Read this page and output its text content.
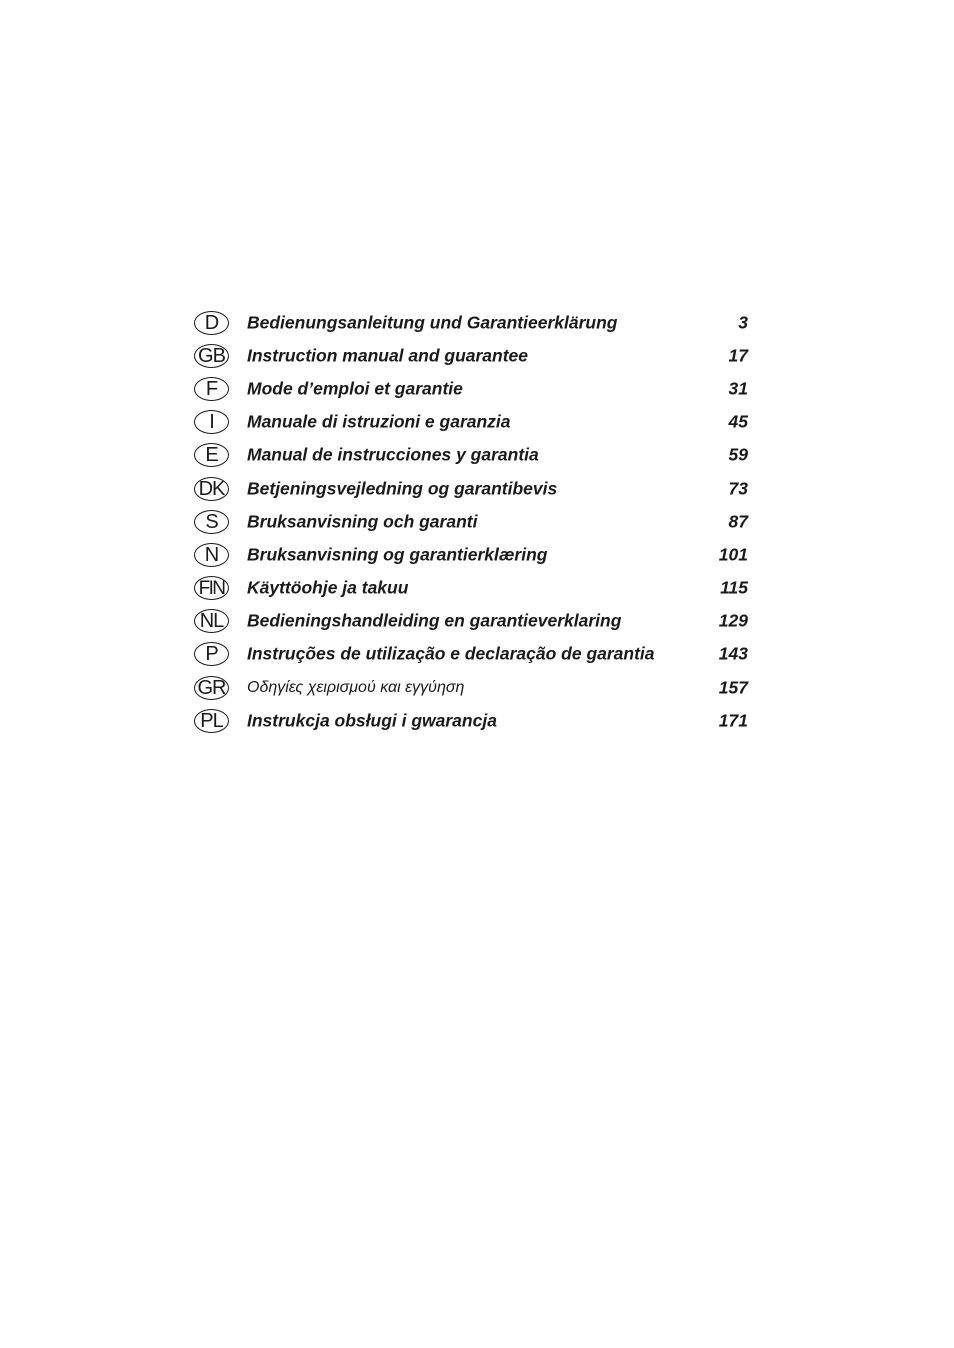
D	Bedienungsanleitung und Garantieerklärung	3
GB Instruction manual and guarantee	17
F	Mode d’emploi et garantie	31
I	Manuale di istruzioni e garanzia	45
E	Manual de instrucciones y garantia	59
DK Betjeningsvejledning og garantibevis	73
S	Bruksanvisning och garanti	87
N	Bruksanvisning og garantierklæring	101
FIN Käyttöohje ja takuu	115
NL	Bedieningshandleiding en garantieverklaring	129
P	Instruções de utilização e declaração de garantia	143
GR Οδηγίες χειρισμού και εγγύηση	157
PL	Instrukcja obsługi i gwarancja	171
